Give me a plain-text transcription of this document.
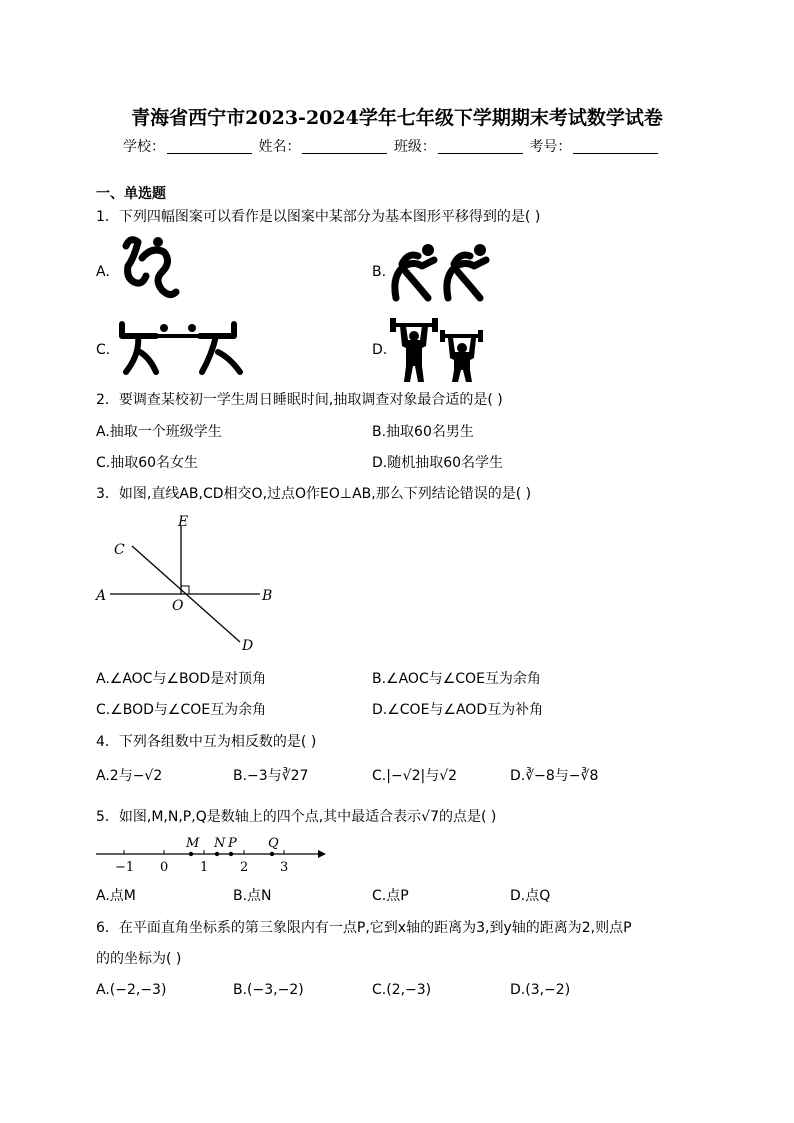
青海省西宁市2023-2024学年七年级下学期期末考试数学试卷
学校：	姓名：	班级：	考号：
一、单选题
1．下列四幅图案可以看作是以图案中某部分为基本图形平移得到的是( )
A.	B.
C.	D.
2．要调查某校初一学生周日睡眠时间,抽取调查对象最合适的是( )
A.抽取一个班级学生	B.抽取60名男生
C.抽取60名女生	D.随机抽取60名学生
3．如图,直线AB,CD相交O,过点O作EO⊥AB,那么下列结论错误的是( )
E
C
A
O
B
D
A.∠AOC与∠BOD是对顶角	B.∠AOC与∠COE互为余角
C.∠BOD与∠COE互为余角	D.∠COE与∠AOD互为补角
4．下列各组数中互为相反数的是( )
A.2与−√2	B.−3与∛27	C.|−√2|与√2	D.∛−8与−∛8
5．如图,M,N,P,Q是数轴上的四个点,其中最适合表示√7的点是( )
M N P Q
−1 0 1 2 3
A.点M	B.点N	C.点P	D.点Q
6．在平面直角坐标系的第三象限内有一点P,它到x轴的距离为3,到y轴的距离为2,则点P
的的坐标为( )
A.(−2,−3)	B.(−3,−2)	C.(2,−3)	D.(3,−2)
